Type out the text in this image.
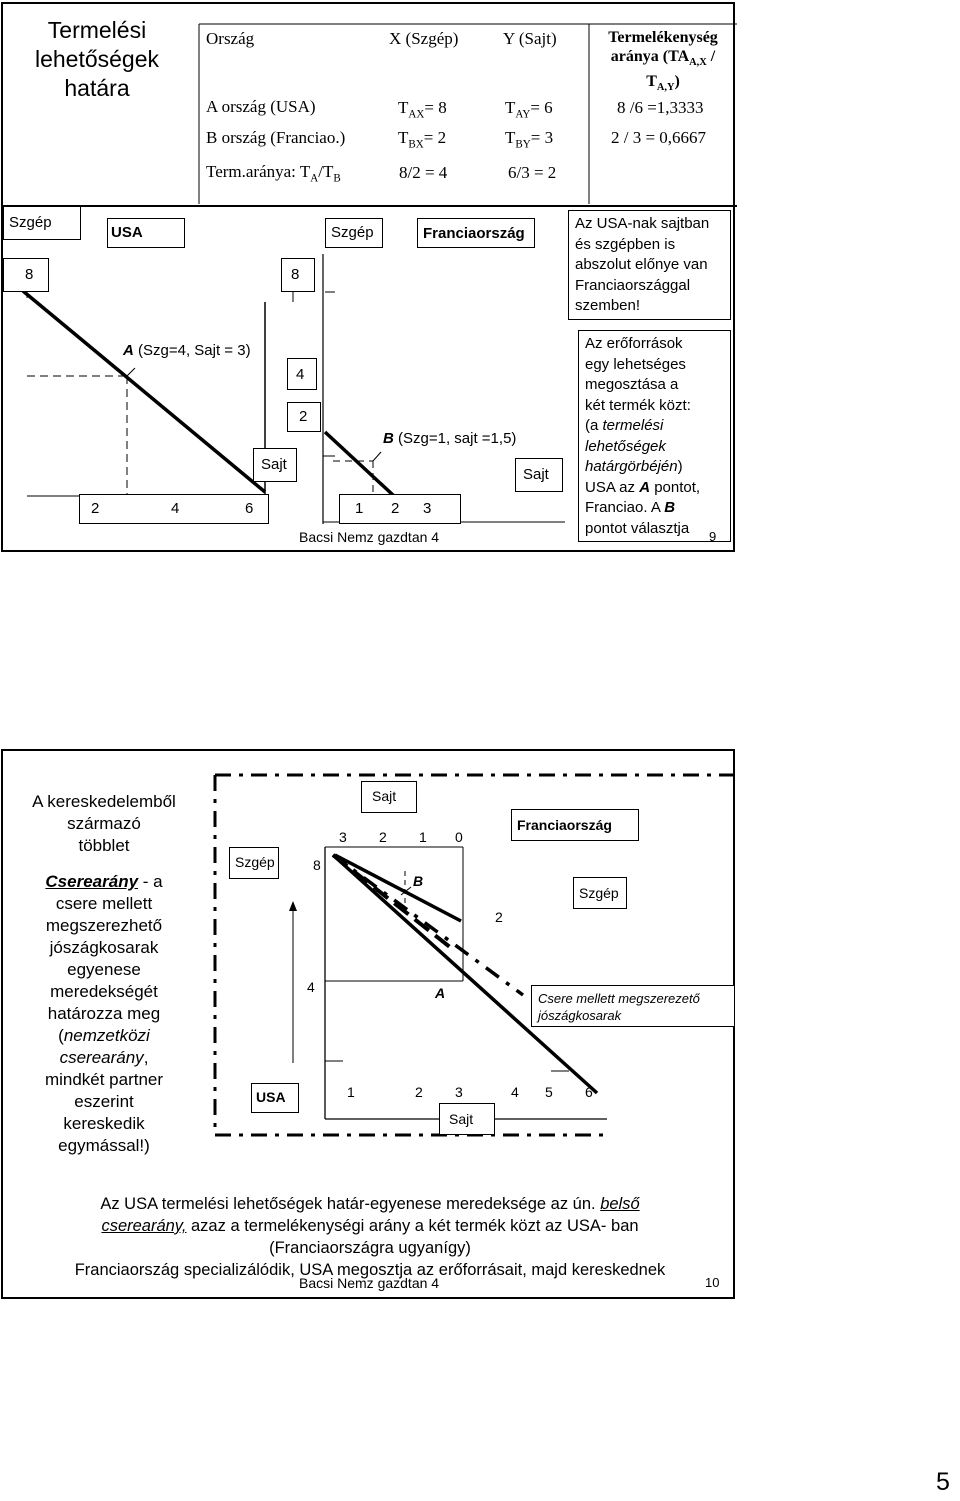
Termelési
lehetőségek
határa
Ország	X (Szgép)	Y (Sajt)	Termelékenység
aránya ($TA_{A,X}$ /
$T_{A,Y}$)
A ország (USA)	$T_{AX}= 8$	$T_{AY}= 6$	8 /6 =1,3333
B ország (Franciao.)	$T_{BX}= 2$	$T_{BY}= 3$	2 / 3 = 0,6667
Term.aránya: $T_A/T_B$	8/2 = 4	6/3 = 2
Szgép
8
USA
A (Szg=4, Sajt = 3)
2	4	6
Sajt
8
Szgép	Franciaország
4
2
B (Szg=1, sajt =1,5)
1 2 3
Sajt
Az USA-nak sajtban
és szgépben is
abszolut előnye van
Franciaországgal
szemben!
Az erőforrások
egy lehetséges
megosztása a
két termék közt:
(a termelési
lehetőségek
határgörbéjén)
USA az A pontot,
Franciao. A B
pontot választja
Bacsi Nemz gazdtan 4	9
A kereskedelemből
származó
többlet
Cserearány - a
csere mellett
megszerezhető
jószágkosarak
egyenese
meredekségét
határozza meg
(nemzetközi
cserearány,
mindkét partner
eszerint
kereskedik
egymással!)
Szgép
USA
Sajt
3 2 1 0
Franciaország
Szgép
8
4
2
B
A
1	2 3	4 5 6
Sajt
Csere mellett megszerezető
jószágkosarak
Az USA termelési lehetőségek határ-egyenese meredeksége az ún. belső
cserearány, azaz a termelékenységi arány a két termék közt az USA- ban
(Franciaországra ugyanígy)
Franciaország specializálódik, USA megosztja az erőforrásait, majd kereskednek
Bacsi Nemz gazdtan 4	10
5
